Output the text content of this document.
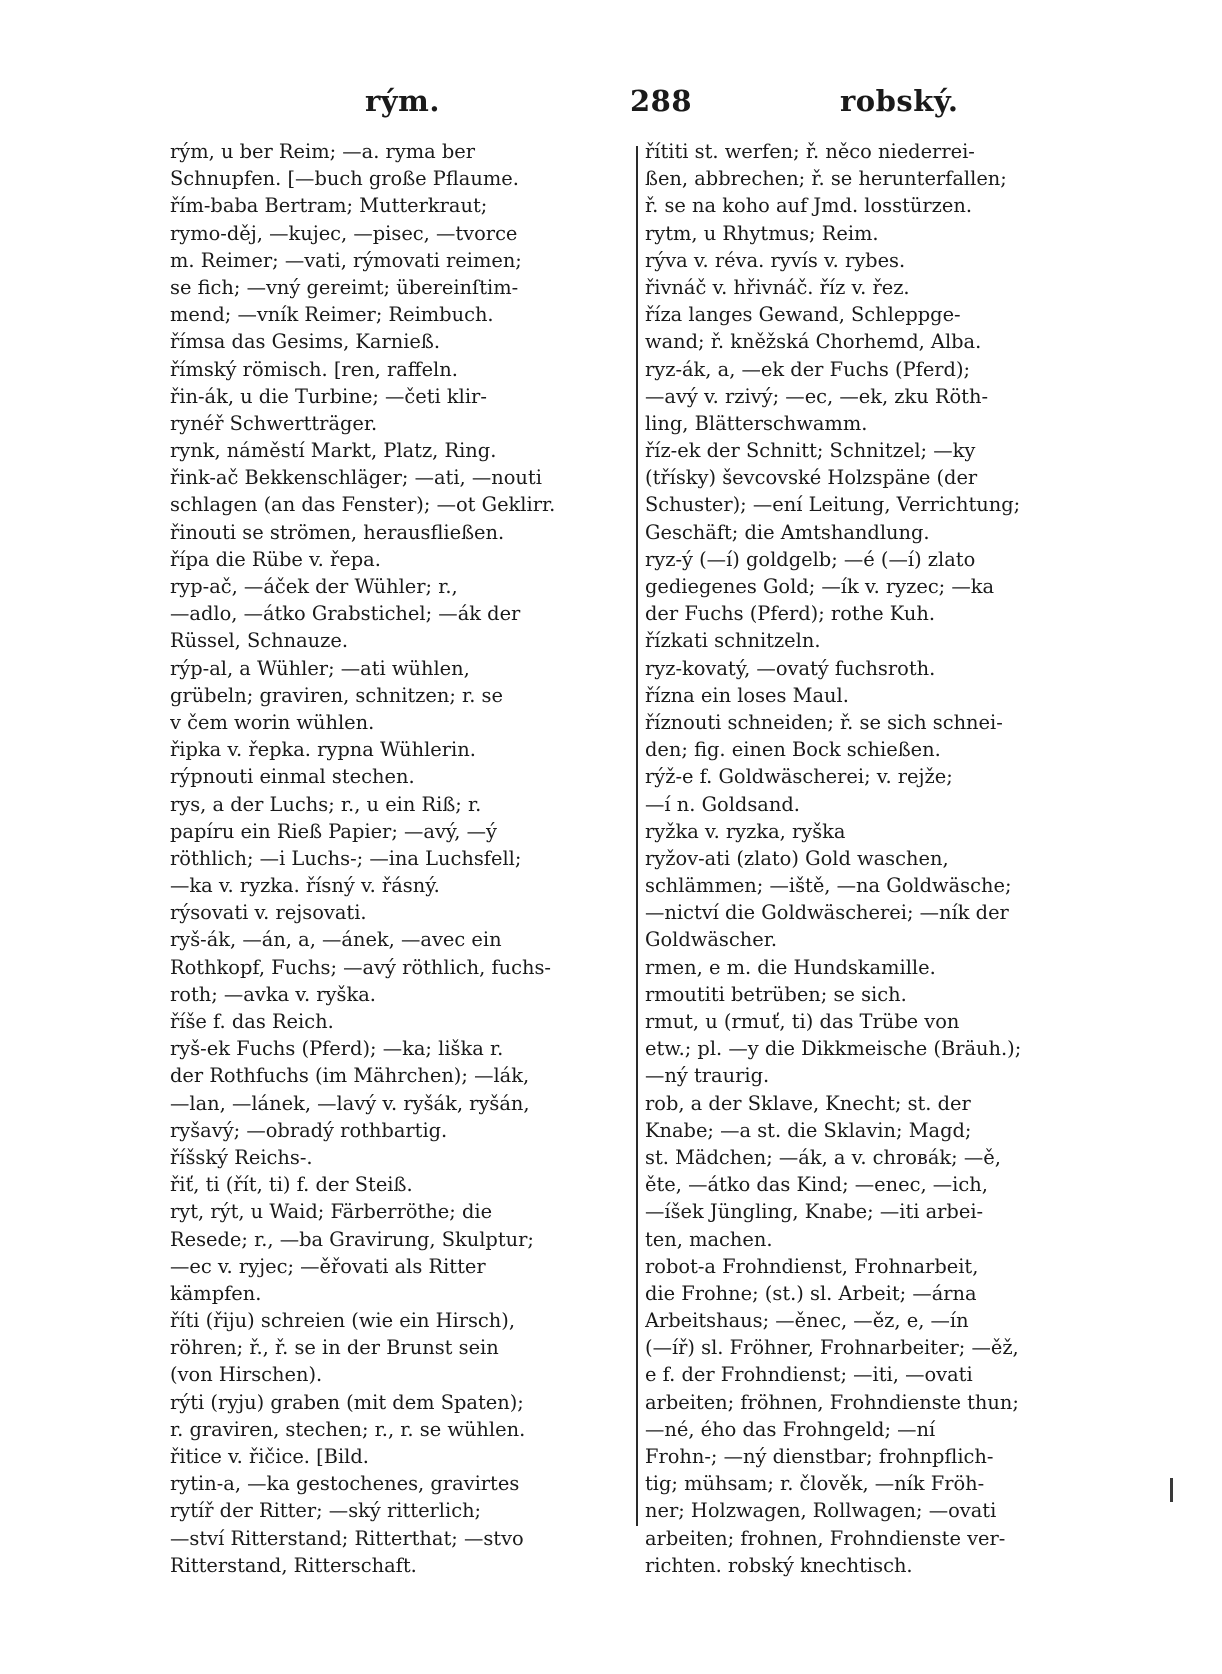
rým.	288	robský.
rým, u ber Reim; —a. ryma ber
Schnupfen. [—buch große Pflaume.
řím-baba Bertram; Mutterkraut;
rymo-děj, —kujec, —pisec, —tvorce
m. Reimer; —vati, rýmovati reimen;
se fich; —vný gereimt; übereinſtim-
mend; —vník Reimer; Reimbuch.
římsa das Gesims, Karnieß.
římský römisch. [ren, raffeln.
řin-ák, u die Turbine; —četi klir-
rynéř Schwertträger.
rynk, náměstí Markt, Platz, Ring.
řink-ač Bekkenschläger; —ati, —nouti
schlagen (an das Fenster); —ot Geklirr.
řinouti se strömen, herausfließen.
řípa die Rübe v. řepa.
ryp-ač, —áček der Wühler; r.,
—adlo, —átko Grabstichel; —ák der
Rüssel, Schnauze.
rýp-al, a Wühler; —ati wühlen,
grübeln; graviren, schnitzen; r. se
v čem worin wühlen.
řipka v. řepka. rypna Wühlerin.
rýpnouti einmal stechen.
rys, a der Luchs; r., u ein Riß; r.
papíru ein Rieß Papier; —avý, —ý
röthlich; —i Luchs-; —ina Luchsfell;
—ka v. ryzka. řísný v. řásný.
rýsovati v. rejsovati.
ryš-ák, —án, a, —ánek, —avec ein
Rothkopf, Fuchs; —avý röthlich, fuchs-
roth; —avka v. ryška.
říše f. das Reich.
ryš-ek Fuchs (Pferd); —ka; liška r.
der Rothfuchs (im Mährchen); —lák,
—lan, —lánek, —lavý v. ryšák, ryšán,
ryšavý; —obradý rothbartig.
říšský Reichs-.
řiť, ti (řít, ti) f. der Steiß.
ryt, rýt, u Waid; Färberröthe; die
Resede; r., —ba Gravirung, Skulptur;
—ec v. ryjec; —ěřovati als Ritter
kämpfen.
říti (řiju) schreien (wie ein Hirsch),
röhren; ř., ř. se in der Brunst sein
(von Hirschen).
rýti (ryju) graben (mit dem Spaten);
r. graviren, stechen; r., r. se wühlen.
řitice v. řičice. [Bild.
rytin-a, —ka gestochenes, gravirtes
rytíř der Ritter; —ský ritterlich;
—ství Ritterstand; Ritterthat; —stvo
Ritterstand, Ritterschaft.
řítiti st. werfen; ř. něco niederrei-
ßen, abbrechen; ř. se herunterfallen;
ř. se na koho auf Jmd. losstürzen.
rytm, u Rhytmus; Reim.
rýva v. réva. ryvís v. rybes.
řivnáč v. hřivnáč. říz v. řez.
říza langes Gewand, Schleppge-
wand; ř. kněžská Chorhemd, Alba.
ryz-ák, a, —ek der Fuchs (Pferd);
—avý v. rzivý; —ec, —ek, zku Röth-
ling, Blätterschwamm.
říz-ek der Schnitt; Schnitzel; —ky
(třísky) ševcovské Holzspäne (der
Schuster); —ení Leitung, Verrichtung;
Geschäft; die Amtshandlung.
ryz-ý (—í) goldgelb; —é (—í) zlato
gediegenes Gold; —ík v. ryzec; —ka
der Fuchs (Pferd); rothe Kuh.
řízkati schnitzeln.
ryz-kovatý, —ovatý fuchsroth.
řízna ein loses Maul.
říznouti schneiden; ř. se sich schnei-
den; fig. einen Bock schießen.
rýž-e f. Goldwäscherei; v. rejže;
—í n. Goldsand.
ryžka v. ryzka, ryška
ryžov-ati (zlato) Gold waschen,
schlämmen; —iště, —na Goldwäsche;
—nictví die Goldwäscherei; —ník der
Goldwäscher.
rmen, e m. die Hundskamille.
rmoutiti betrüben; se sich.
rmut, u (rmuť, ti) das Trübe von
etw.; pl. —y die Dikkmeische (Bräuh.);
—ný traurig.
rob, a der Sklave, Knecht; st. der
Knabe; —a st. die Sklavin; Magd;
st. Mädchen; —ák, a v. chroвák; —ě,
ěte, —átko das Kind; —enec, —ich,
—íšek Jüngling, Knabe; —iti arbei-
ten, machen.
robot-a Frohndienst, Frohnarbeit,
die Frohne; (st.) sl. Arbeit; —árna
Arbeitshaus; —ěnec, —ěz, e, —ín
(—íř) sl. Fröhner, Frohnarbeiter; —ěž,
e f. der Frohndienst; —iti, —ovati
arbeiten; fröhnen, Frohndienste thun;
—né, ého das Frohngeld; —ní
Frohn-; —ný dienstbar; frohnpflich-
tig; mühsam; r. člověk, —ník Fröh-
ner; Holzwagen, Rollwagen; —ovati
arbeiten; frohnen, Frohndienste ver-
richten. robský knechtisch.
